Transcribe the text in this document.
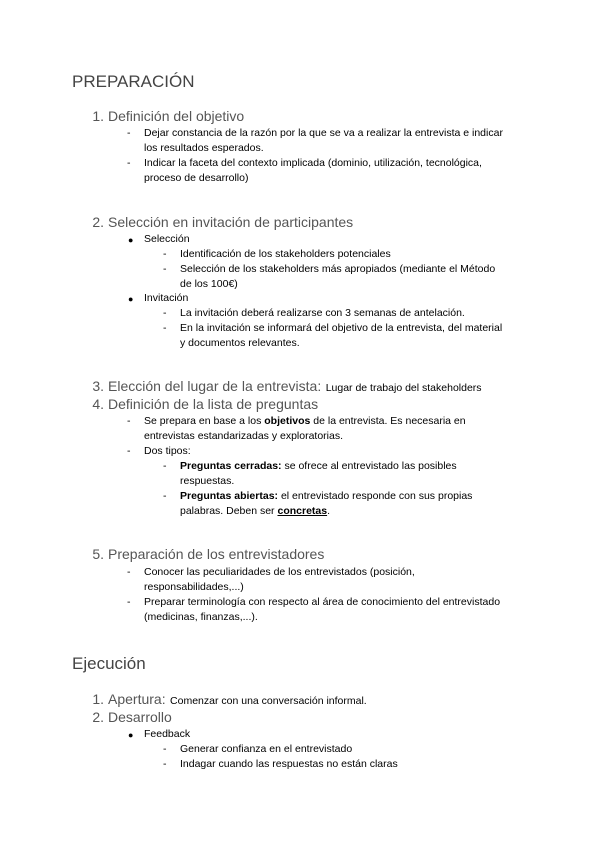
PREPARACIÓN
1. Definición del objetivo
- Dejar constancia de la razón por la que se va a realizar la entrevista e indicar
los resultados esperados.
- Indicar la faceta del contexto implicada (dominio, utilización, tecnológica,
proceso de desarrollo)
2. Selección en invitación de participantes
● Selección
- Identificación de los stakeholders potenciales
- Selección de los stakeholders más apropiados (mediante el Método
de los 100€)
● Invitación
- La invitación deberá realizarse con 3 semanas de antelación.
- En la invitación se informará del objetivo de la entrevista, del material
y documentos relevantes.
3. Elección del lugar de la entrevista: Lugar de trabajo del stakeholders
4. Definición de la lista de preguntas
- Se prepara en base a los objetivos de la entrevista. Es necesaria en
entrevistas estandarizadas y exploratorias.
- Dos tipos:
- Preguntas cerradas: se ofrece al entrevistado las posibles
respuestas.
- Preguntas abiertas: el entrevistado responde con sus propias
palabras. Deben ser concretas.
5. Preparación de los entrevistadores
- Conocer las peculiaridades de los entrevistados (posición,
responsabilidades,...)
- Preparar terminología con respecto al área de conocimiento del entrevistado
(medicinas, finanzas,...).
Ejecución
1. Apertura: Comenzar con una conversación informal.
2. Desarrollo
● Feedback
- Generar confianza en el entrevistado
- Indagar cuando las respuestas no están claras
